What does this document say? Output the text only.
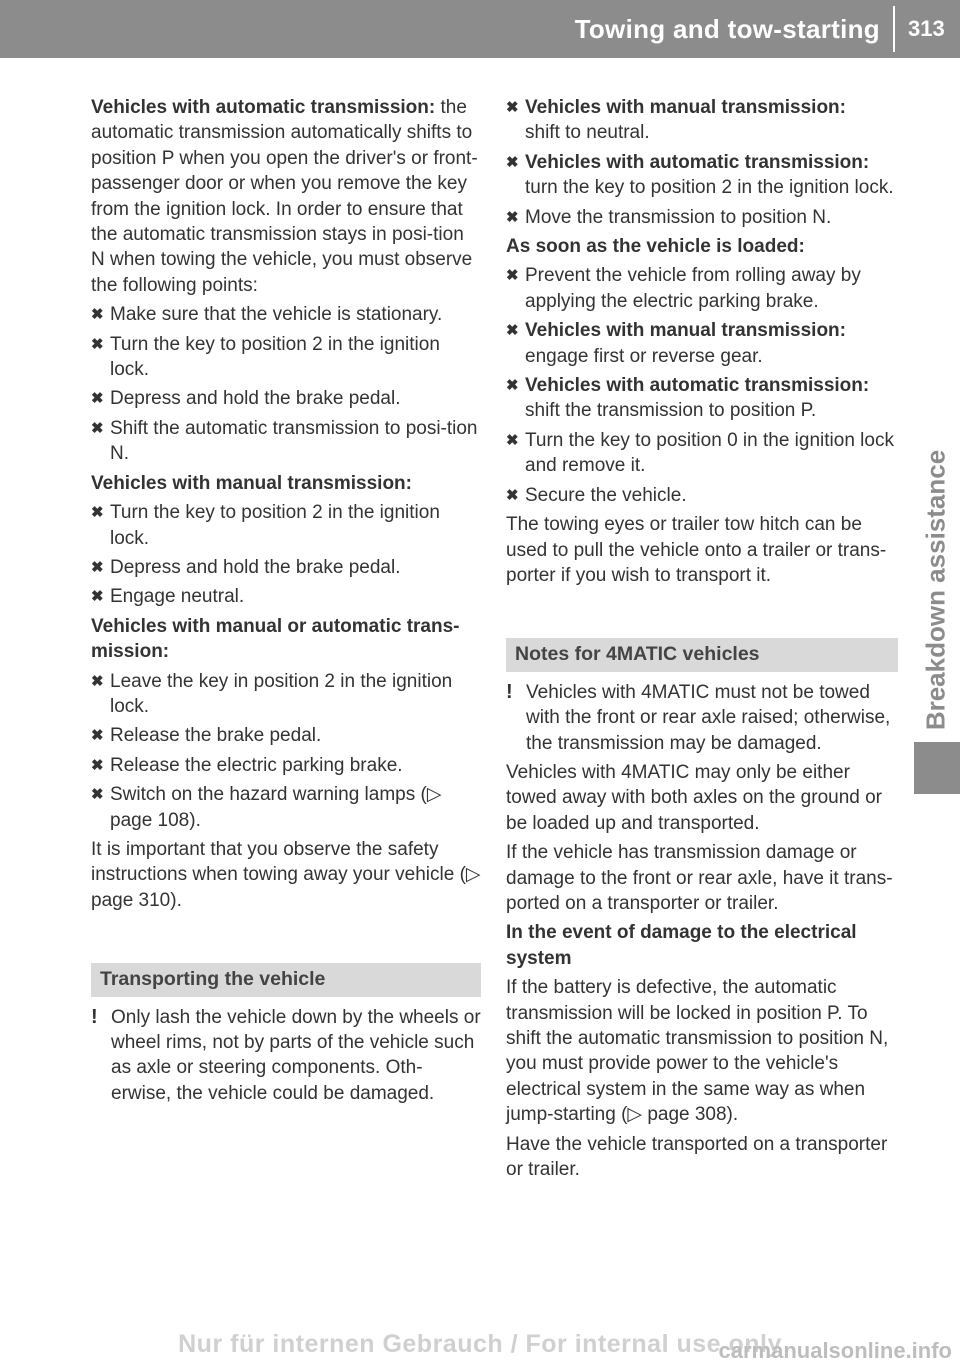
Towing and tow-starting 313
Breakdown assistance

Vehicles with automatic transmission: the automatic transmission automatically shifts to position P when you open the driver's or front-passenger door or when you remove the key from the ignition lock. In order to ensure that the automatic transmission stays in posi-tion N when towing the vehicle, you must observe the following points:

✖ Make sure that the vehicle is stationary.
✖ Turn the key to position 2 in the ignition lock.
✖ Depress and hold the brake pedal.
✖ Shift the automatic transmission to posi-tion N.

Vehicles with manual transmission:

✖ Turn the key to position 2 in the ignition lock.
✖ Depress and hold the brake pedal.
✖ Engage neutral.

Vehicles with manual or automatic trans-mission:

✖ Leave the key in position 2 in the ignition lock.
✖ Release the brake pedal.
✖ Release the electric parking brake.
✖ Switch on the hazard warning lamps (▷ page 108).

It is important that you observe the safety instructions when towing away your vehicle (▷ page 310).

Transporting the vehicle
! Only lash the vehicle down by the wheels or wheel rims, not by parts of the vehicle such as axle or steering components. Oth-erwise, the vehicle could be damaged.
✖ Vehicles with manual transmission:
shift to neutral.
✖ Vehicles with automatic transmission:
turn the key to position 2 in the ignition lock.
✖ Move the transmission to position N.

As soon as the vehicle is loaded:

✖ Prevent the vehicle from rolling away by applying the electric parking brake.
✖ Vehicles with manual transmission:
engage first or reverse gear.
✖ Vehicles with automatic transmission:
shift the transmission to position P.
✖ Turn the key to position 0 in the ignition lock and remove it.
✖ Secure the vehicle.

The towing eyes or trailer tow hitch can be used to pull the vehicle onto a trailer or trans-porter if you wish to transport it.

Notes for 4MATIC vehicles
! Vehicles with 4MATIC must not be towed with the front or rear axle raised; otherwise, the transmission may be damaged.

Vehicles with 4MATIC may only be either towed away with both axles on the ground or be loaded up and transported.

If the vehicle has transmission damage or damage to the front or rear axle, have it trans-ported on a transporter or trailer.

In the event of damage to the electrical system

If the battery is defective, the automatic transmission will be locked in position P. To shift the automatic transmission to position N, you must provide power to the vehicle's electrical system in the same way as when jump-starting (▷ page 308).

Have the vehicle transported on a transporter or trailer.

Nur für internen Gebrauch / For internal use only
carmanualsonline.info
